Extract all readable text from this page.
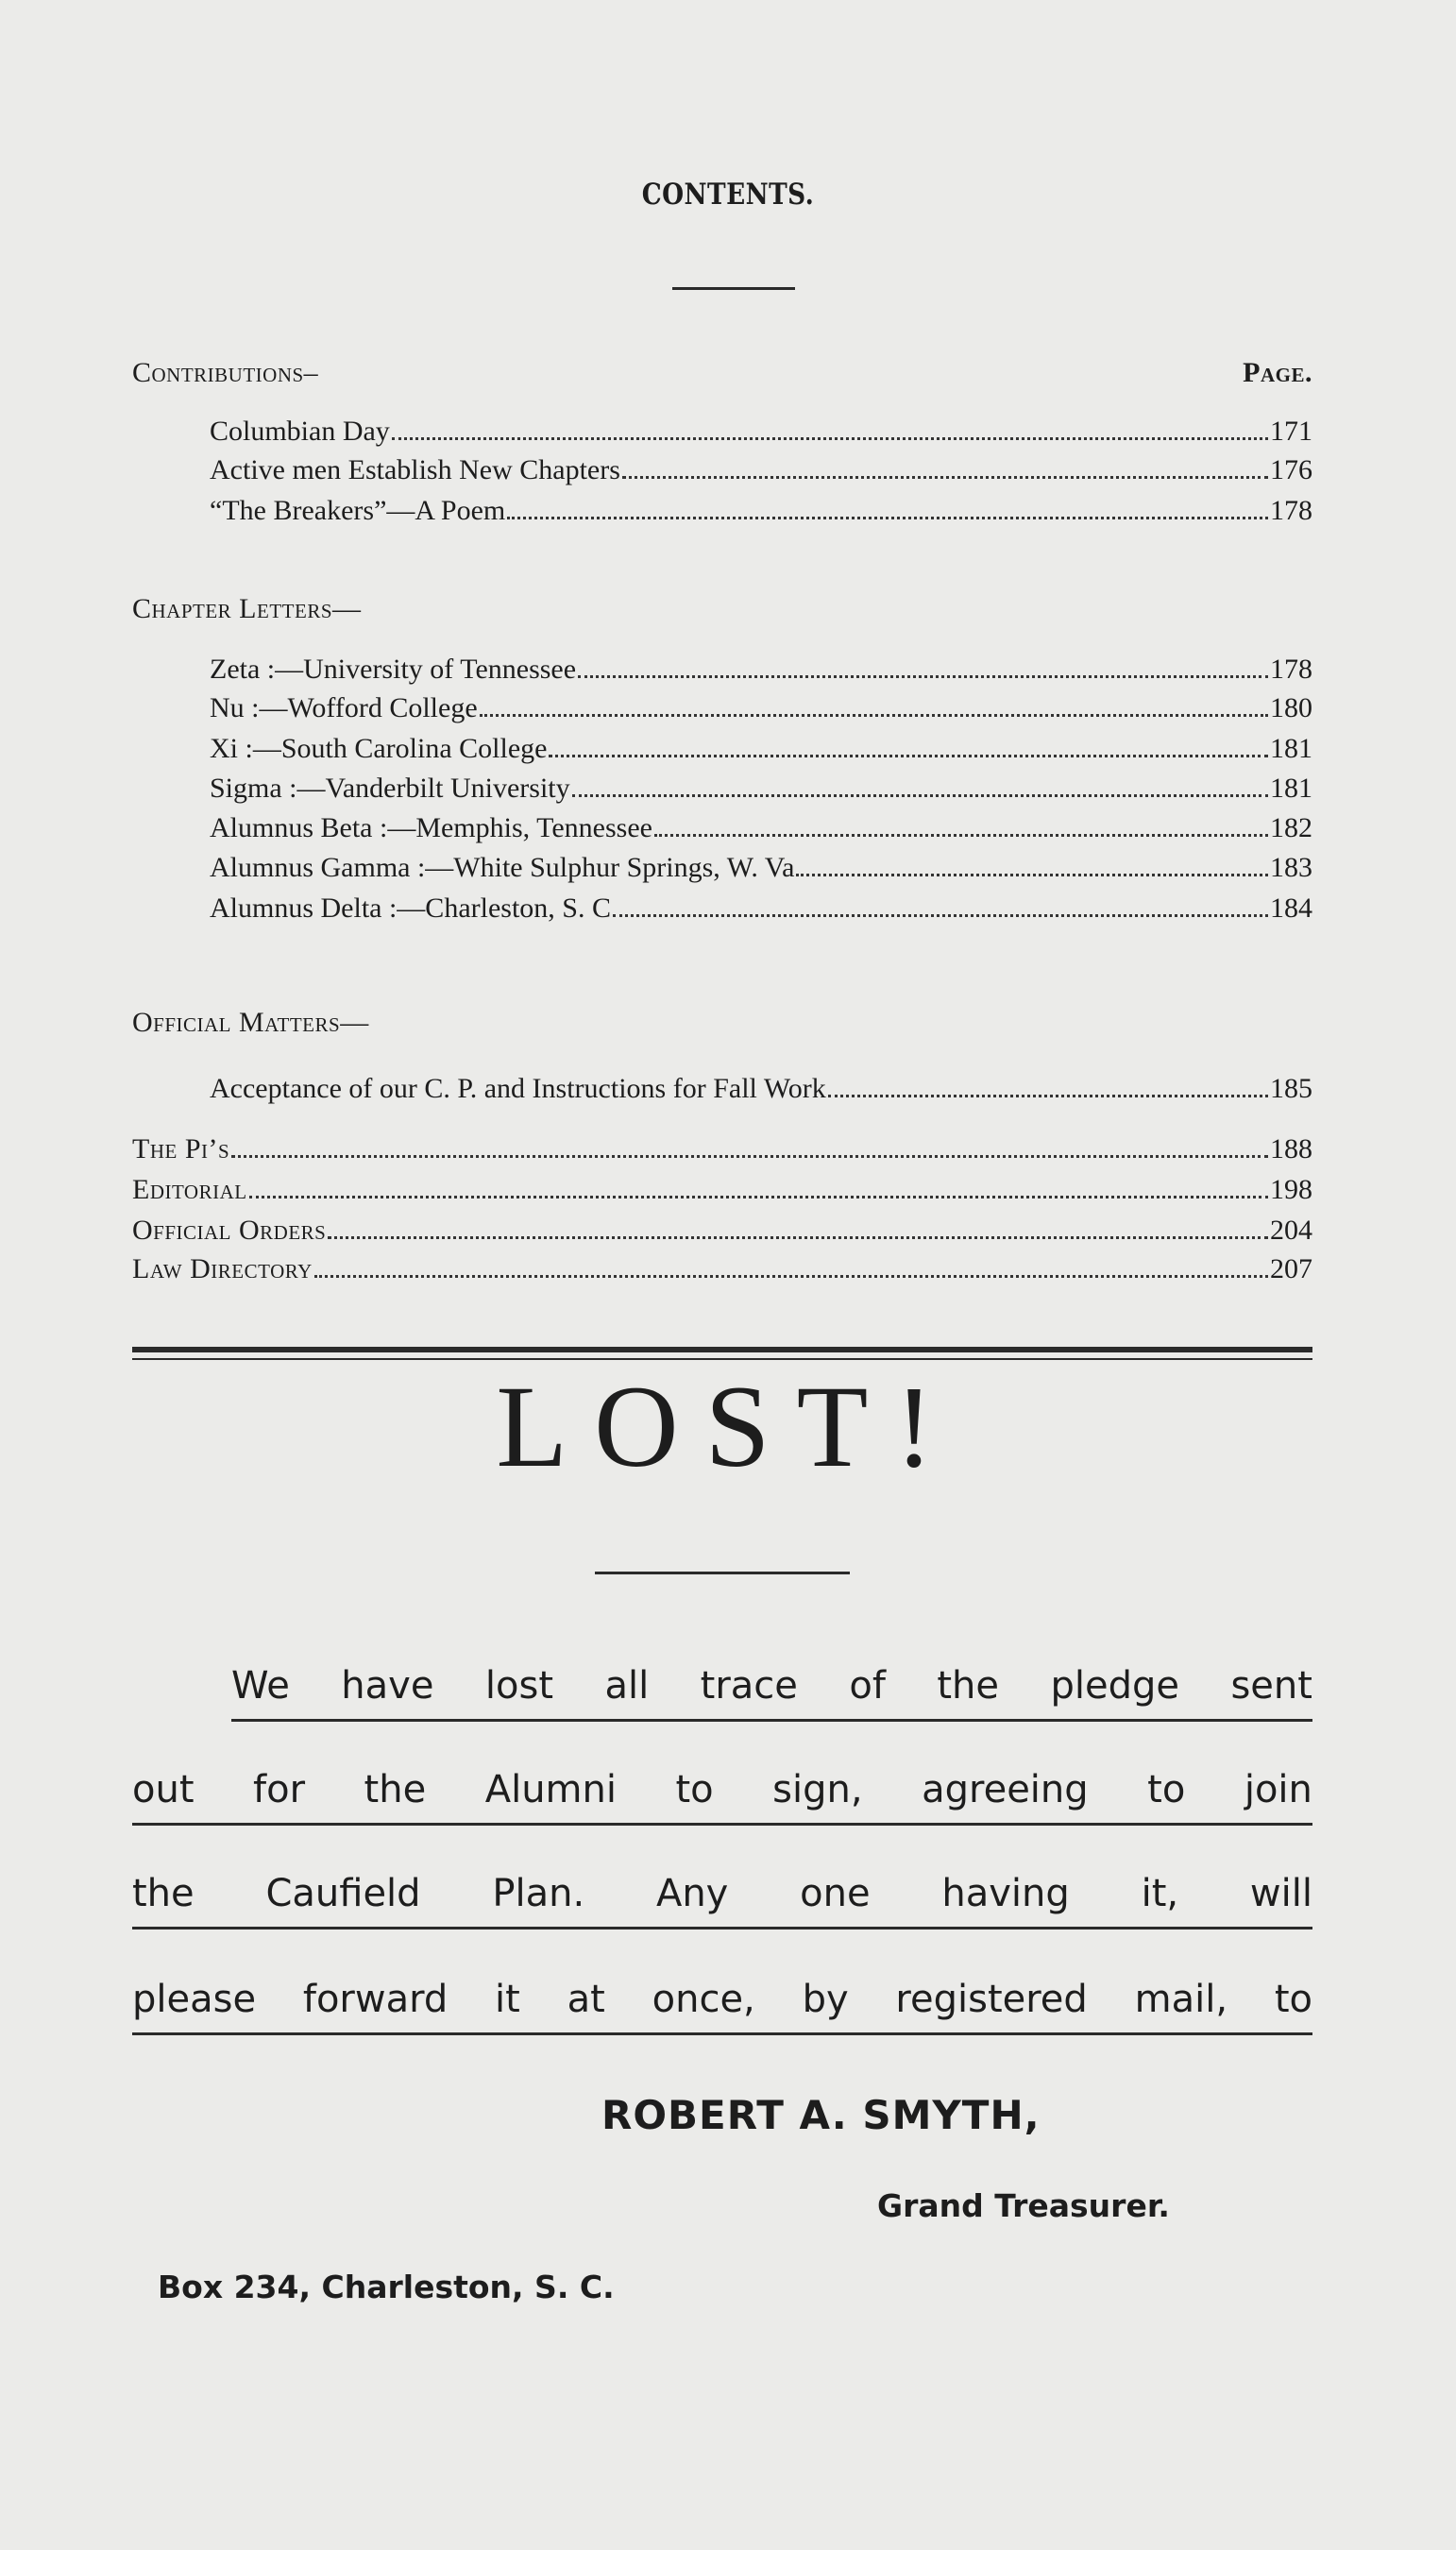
CONTENTS.
Contributions–	Page.
Columbian Day	171
Active men Establish New Chapters	176
“The Breakers”—A Poem	178
Chapter Letters—
Zeta :—University of Tennessee	178
Nu :—Wofford College	180
Xi :—South Carolina College	181
Sigma :—Vanderbilt University	181
Alumnus Beta :—Memphis, Tennessee	182
Alumnus Gamma :—White Sulphur Springs, W. Va	183
Alumnus Delta :—Charleston, S. C	184
Official Matters—
Acceptance of our C. P. and Instructions for Fall Work	185
The Pi’s	188
Editorial	198
Official Orders	204
Law Directory	207
LOST!
We have lost all trace of the pledge sent
out for the Alumni to sign, agreeing to join
the Caufield Plan. Any one having it, will
please forward it at once, by registered mail, to
ROBERT A. SMYTH,
Grand Treasurer.
Box 234, Charleston, S. C.
